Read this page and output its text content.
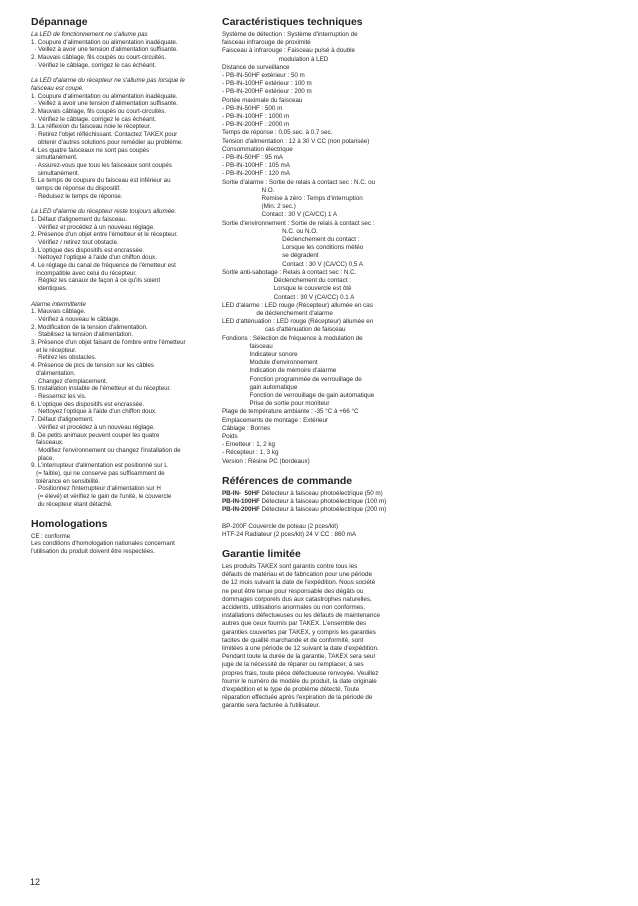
Dépannage
La LED de fonctionnement ne s'allume pas
1. Coupure d'alimentation ou alimentation inadéquate.
· Veillez à avoir une tension d'alimentation suffisante.
2. Mauvais câblage, fils coupés ou court-circuités.
· Vérifiez le câblage, corrigez le cas échéant.
La LED d'alarme du récepteur ne s'allume pas lorsque le
faisceau est coupé.
1. Coupure d'alimentation ou alimentation inadéquate.
· Veillez à avoir une tension d'alimentation suffisante.
2. Mauvais câblage, fils coupés ou court-circuités.
· Vérifiez le câblage, corrigez le cas échéant.
3. La réflexion du faisceau noie le récepteur.
· Retirez l'objet réfléchissant. Contactez TAKEX pour
obtenir d'autres solutions pour remédier au problème.
4. Les quatre faisceaux ne sont pas coupés
simultanément.
· Assurez-vous que tous les faisceaux sont coupés
simultanément.
5. Le temps de coupure du faisceau est inférieur au
temps de réponse du dispositif.
· Réduisez le temps de réponse.
La LED d'alarme du récepteur reste toujours allumée.
1. Défaut d'alignement du faisceau.
· Vérifiez et procédez à un nouveau réglage.
2. Présence d'un objet entre l'émetteur et le récepteur.
· Vérifiez / retirez tout obstacle.
3. L'optique des dispositifs est encrassée.
· Nettoyez l'optique à l'aide d'un chiffon doux.
4. Le réglage du canal de fréquence de l'émetteur est
incompatible avec celui du récepteur.
· Réglez les canaux de façon à ce qu'ils soient
identiques.
Alarme intermittente
1. Mauvais câblage.
· Vérifiez à nouveau le câblage.
2. Modification de la tension d'alimentation.
· Stabilisez la tension d'alimentation.
3. Présence d'un objet faisant de l'ombre entre l'émetteur
et le récepteur.
· Retirez les obstacles.
4. Présence de pics de tension sur les câbles
d'alimentation.
· Changez d'emplacement.
5. Installation instable de l'émetteur et du récepteur.
· Resserrez les vis.
6. L'optique des dispositifs est encrassée.
· Nettoyez l'optique à l'aide d'un chiffon doux.
7. Défaut d'alignement.
· Vérifiez et procédez à un nouveau réglage.
8. De petits animaux peuvent couper les quatre
faisceaux.
· Modifiez l'environnement ou changez l'installation de
place.
9. L'interrupteur d'alimentation est positionné sur L
(= faible), qui ne conserve pas suffisamment de
tolérance en sensibilité.
· Positionnez l'interrupteur d'alimentation sur H
(= élevé) et vérifiez le gain de l'unité, le couvercle
du récepteur étant détaché.
Homologations
CE : conforme
Les conditions d'homologation nationales concernant
l'utilisation du produit doivent être respectées.
Caractéristiques techniques
Système de détection : Système d'interruption de
faisceau infrarouge de proximité
Faisceau à infrarouge : Faisceau pulsé à double
modulation à LED
Distance de surveillance
- PB-IN-50HF extérieur : 50 m
- PB-IN-100HF extérieur : 100 m
- PB-IN-200HF extérieur : 200 m
Portée maximale du faisceau
- PB-IN-50HF : 500 m
- PB-IN-100HF : 1000 m
- PB-IN-200HF : 2000 m
Temps de réponse : 0,05 sec. à 0,7 sec.
Tension d'alimentation : 12 à 30 V CC (non polarisée)
Consommation électrique
- PB-IN-50HF : 95 mA
- PB-IN-100HF : 105 mA
- PB-IN-200HF : 120 mA
Sortie d'alarme : Sortie de relais à contact sec : N.C. ou
N.O.
Remise à zéro : Temps d'interruption
(Min. 2 sec.)
Contact : 30 V (CA/CC) 1 A
Sortie d'environnement : Sortie de relais à contact sec :
N.C. ou N.O.
Déclenchement du contact :
Lorsque les conditions météo
se dégradent
Contact : 30 V (CA/CC) 0,5 A
Sortie anti-sabotage : Relais à contact sec : N.C.
Déclenchement du contact :
Lorsque le couvercle est ôté
Contact : 30 V (CA/CC) 0.1 A
LED d'alarme : LED rouge (Récepteur) allumée en cas
de déclenchement d'alarme
LED d'atténuation : LED rouge (Récepteur) allumée en
cas d'atténuation de faisceau
Fondions : Sélection de fréquence à modulation de
faisceau
Indicateur sonore
Module d'environnement
Indication de mémoire d'alarme
Fonction programmée de verrouillage de
gain automatique
Fonction de verrouillage de gain automatique
Prise de sortie pour moniteur
Plage de température ambiante : -35 °C à +66 °C
Emplacements de montage : Extérieur
Câblage : Bornes
Poids
- Emetteur : 1, 2 kg
- Récepteur : 1, 3 kg
Version : Résine PC (bordeaux)
Références de commande
PB-IN-  50HF Détecteur à faisceau photoélectrique (50 m)
PB-IN-100HF Détecteur à faisceau photoélectrique (100 m)
PB-IN-200HF Détecteur à faisceau photoélectrique (200 m)
BP-200F Couvercle de poteau (2 pces/kit)
HTF-24 Radiateur (2 pces/kit) 24 V CC : 860 mA
Garantie limitée
Les produits TAKEX sont garantis contre tous les
défauts de matériau et de fabrication pour une période
de 12 mois suivant la date de l'expédition. Nous société
ne peut être tenue pour responsable des dégâts ou
dommages corporels dus aux catastrophes naturelles,
accidents, utilisations anormales ou non conformes,
installations défectueuses ou les défauts de maintenance
autres que ceux fournis par TAKEX. L'ensemble des
garanties couvertes par TAKEX, y compris les garanties
tacites de qualité marchande et de conformité, sont
limitées à une période de 12 suivant la date d'expédition.
Pendant toute la durée de la garantie, TAKEX sera seul
juge de la nécessité de réparer ou remplacer, à ses
propres frais, toute pièce défectueuse renvoyée. Veuillez
fournir le numéro de modèle du produit, la date originale
d'expédition et le type de problème détecté. Toute
réparation effectuée après l'expiration de la période de
garantie sera facturée à l'utilisateur.
12
